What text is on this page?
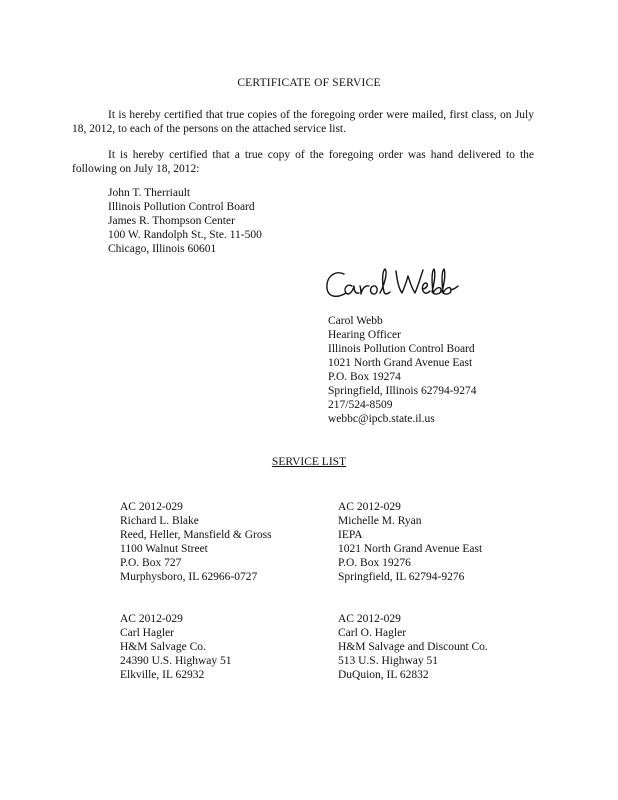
CERTIFICATE OF SERVICE

It is hereby certified that true copies of the foregoing order were mailed, first class, on July 18, 2012, to each of the persons on the attached service list.

It is hereby certified that a true copy of the foregoing order was hand delivered to the following on July 18, 2012:

John T. Therriault
Illinois Pollution Control Board
James R. Thompson Center
100 W. Randolph St., Ste. 11-500
Chicago, Illinois 60601
Carol Webb
Hearing Officer
Illinois Pollution Control Board
1021 North Grand Avenue East
P.O. Box 19274
Springfield, Illinois 62794-9274
217/524-8509
webbc@ipcb.state.il.us

SERVICE LIST

AC 2012-029
Richard L. Blake
Reed, Heller, Mansfield & Gross
1100 Walnut Street
P.O. Box 727
Murphysboro, IL 62966-0727
AC 2012-029
Michelle M. Ryan
IEPA
1021 North Grand Avenue East
P.O. Box 19276
Springfield, IL 62794-9276
AC 2012-029
Carl Hagler
H&M Salvage Co.
24390 U.S. Highway 51
Elkville, IL 62932
AC 2012-029
Carl O. Hagler
H&M Salvage and Discount Co.
513 U.S. Highway 51
DuQuion, IL 62832
